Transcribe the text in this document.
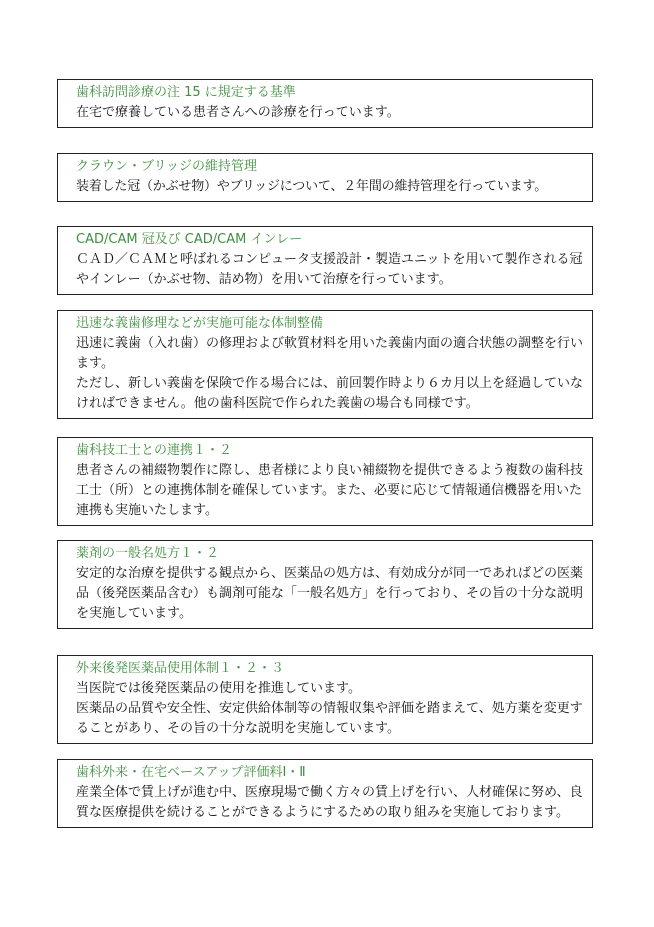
歯科訪問診療の注 15 に規定する基準

在宅で療養している患者さんへの診療を行っています。

クラウン・ブリッジの維持管理

装着した冠（かぶせ物）やブリッジについて、２年間の維持管理を行っています。

CAD/CAM 冠及び CAD/CAM インレー

ＣＡＤ／ＣＡＭと呼ばれるコンピュータ支援設計・製造ユニットを用いて製作される冠やインレー（かぶせ物、詰め物）を用いて治療を行っています。

迅速な義歯修理などが実施可能な体制整備

迅速に義歯（入れ歯）の修理および軟質材料を用いた義歯内面の適合状態の調整を行います。

ただし、新しい義歯を保険で作る場合には、前回製作時より６カ月以上を経過していなければできません。他の歯科医院で作られた義歯の場合も同様です。

歯科技工士との連携１・２

患者さんの補綴物製作に際し、患者様により良い補綴物を提供できるよう複数の歯科技工士（所）との連携体制を確保しています。また、必要に応じて情報通信機器を用いた連携も実施いたします。

薬剤の一般名処方１・２

安定的な治療を提供する観点から、医薬品の処方は、有効成分が同一であればどの医薬品（後発医薬品含む）も調剤可能な「一般名処方」を行っており、その旨の十分な説明を実施しています。

外来後発医薬品使用体制１・２・３

当医院では後発医薬品の使用を推進しています。

医薬品の品質や安全性、安定供給体制等の情報収集や評価を踏まえて、処方薬を変更することがあり、その旨の十分な説明を実施しています。

歯科外来・在宅ベースアップ評価料Ⅰ・Ⅱ

産業全体で賃上げが進む中、医療現場で働く方々の賃上げを行い、人材確保に努め、良質な医療提供を続けることができるようにするための取り組みを実施しております。
